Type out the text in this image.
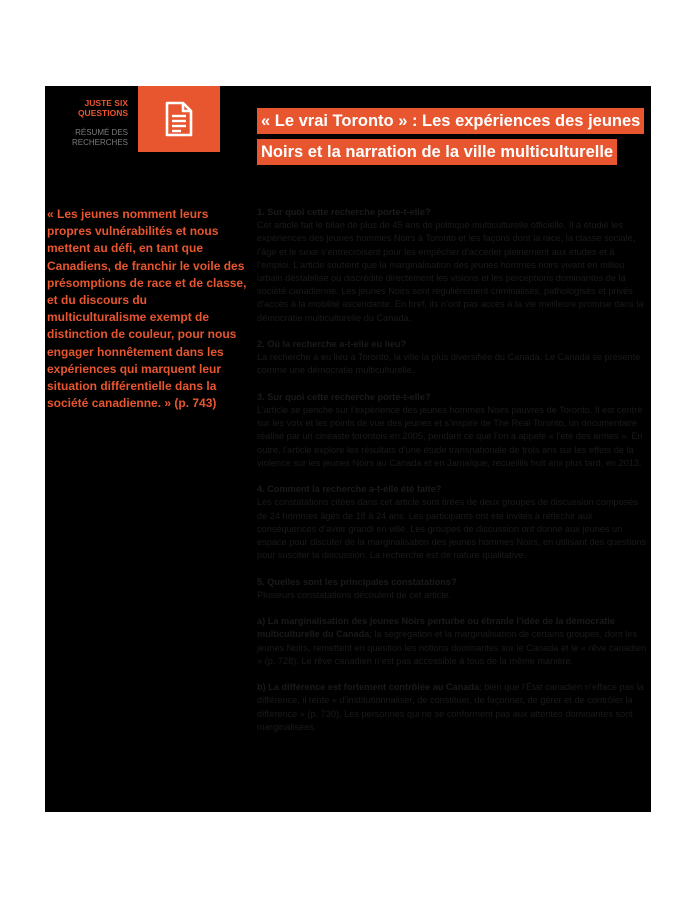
JUSTE SIX QUESTIONS
RÉSUMÉ DES RECHERCHES
« Le vrai Toronto » : Les expériences des jeunes
Noirs et la narration de la ville multiculturelle
« Les jeunes nomment leurs propres vulnérabilités et nous mettent au défi, en tant que Canadiens, de franchir le voile des présomptions de race et de classe, et du discours du multiculturalisme exempt de distinction de couleur, pour nous engager honnêtement dans les expériences qui marquent leur situation différentielle dans la société canadienne. » (p. 743)

1. Sur quoi cette recherche porte-t-elle?
Cet article fait le bilan de plus de 45 ans de politique multiculturelle officielle. Il a étudié les expériences des jeunes hommes Noirs à Toronto et les façons dont la race, la classe sociale, l’âge et le sexe s’entrecroisent pour les empêcher d’accéder pleinement aux études et à l’emploi. L’article soutient que la marginalisation des jeunes hommes noirs vivant en milieu urbain déstabilise ou discrédite directement les visions et les perceptions dominantes de la société canadienne. Les jeunes Noirs sont régulièrement criminalisés, pathologisés et privés d’accès à la mobilité ascendante. En bref, ils n’ont pas accès à la vie meilleure promise dans la démocratie multiculturelle du Canada.

2. Où la recherche a-t-elle eu lieu?
La recherche a eu lieu à Toronto, la ville la plus diversifiée du Canada. Le Canada se présente comme une démocratie multiculturelle.

3. Sur quoi cette recherche porte-t-elle?
L’article se penche sur l’expérience des jeunes hommes Noirs pauvres de Toronto. Il est centré sur les voix et les points de vue des jeunes et s’inspire de The Real Toronto, un documentaire réalisé par un cinéaste torontois en 2005, pendant ce que l’on a appelé « l’été des armes ». En outre, l’article explore les résultats d’une étude transnationale de trois ans sur les effets de la violence sur les jeunes Noirs au Canada et en Jamaïque, recueillis huit ans plus tard, en 2013.

4. Comment la recherche a-t-elle été faite?
Les constatations citées dans cet article sont tirées de deux groupes de discussion composés de 24 hommes âgés de 18 à 24 ans. Les participants ont été invités à réfléchir aux conséquences d’avoir grandi en ville. Les groupes de discussion ont donné aux jeunes un espace pour discuter de la marginalisation des jeunes hommes Noirs, en utilisant des questions pour susciter la discussion. La recherche est de nature qualitative.

5. Quelles sont les principales constatations?
Plusieurs constatations découlent de cet article.

a) La marginalisation des jeunes Noirs perturbe ou ébranle l’idée de la démocratie multiculturelle du Canada; la ségrégation et la marginalisation de certains groupes, dont les jeunes Noirs, remettent en question les notions dominantes sur le Canada et le « rêve canadien » (p. 728). Le rêve canadien n’est pas accessible à tous de la même manière.

b) La différence est fortement contrôlée au Canada; bien que l’État canadien n’efface pas la différence, il tente « d’institutionnaliser, de constituer, de façonner, de gérer et de contrôler la différence » (p. 730). Les personnes qui ne se conforment pas aux attentes dominantes sont marginalisées.
